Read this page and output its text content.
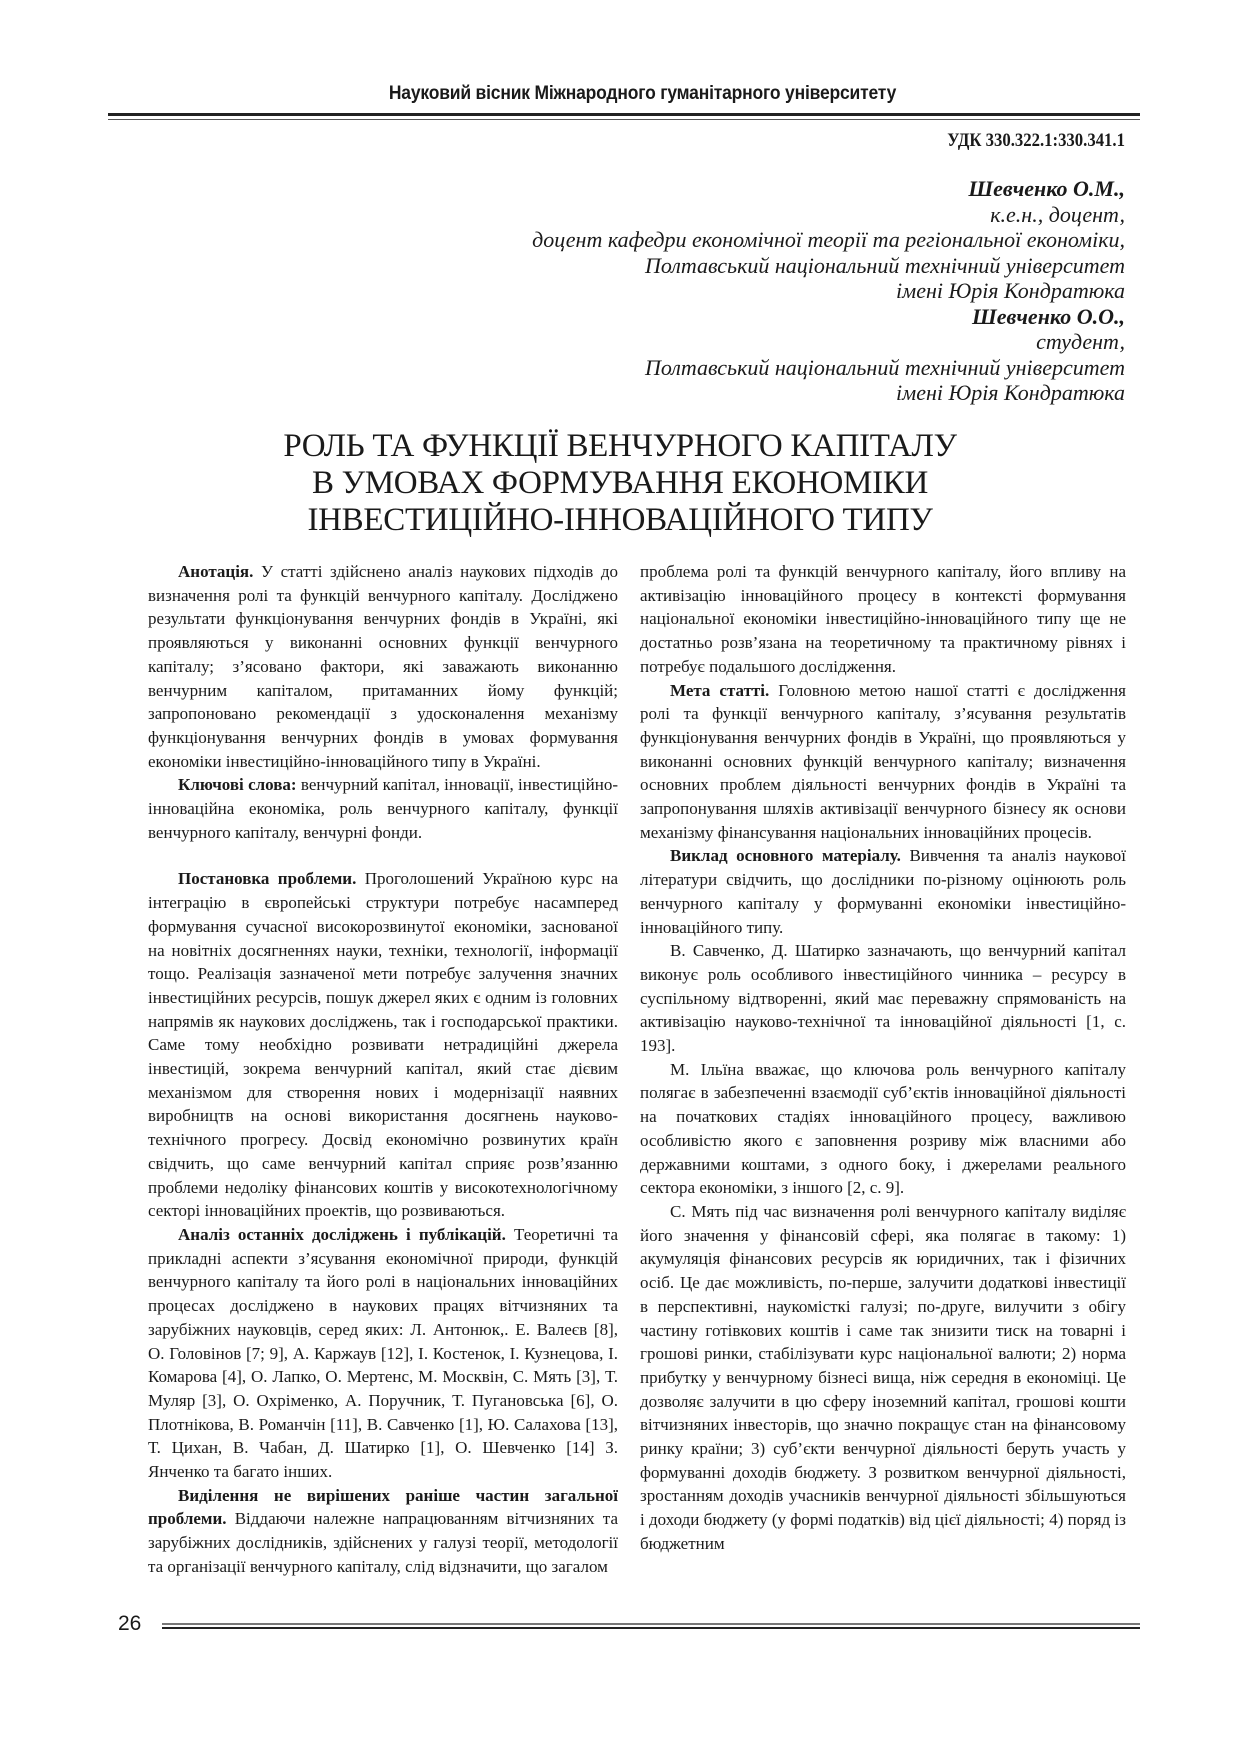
Науковий вісник Міжнародного гуманітарного університету
УДК 330.322.1:330.341.1
Шевченко О.М.,
к.е.н., доцент,
доцент кафедри економічної теорії та регіональної економіки,
Полтавський національний технічний університет
імені Юрія Кондратюка
Шевченко О.О.,
студент,
Полтавський національний технічний університет
імені Юрія Кондратюка
РОЛЬ ТА ФУНКЦІЇ ВЕНЧУРНОГО КАПІТАЛУ
В УМОВАХ ФОРМУВАННЯ ЕКОНОМІКИ
ІНВЕСТИЦІЙНО-ІННОВАЦІЙНОГО ТИПУ

Анотація. У статті здійснено аналіз наукових підходів до визначення ролі та функцій венчурного капіталу. Досліджено результати функціонування венчурних фондів в Україні, які проявляються у виконанні основних функції венчурного капіталу; з’ясовано фактори, які заважають виконанню венчурним капіталом, притаманних йому функцій; запропоновано рекомендації з удосконалення механізму функціонування венчурних фондів в умовах формування економіки інвестиційно-інноваційного типу в Україні.

Ключові слова: венчурний капітал, інновації, інвестиційно-інноваційна економіка, роль венчурного капіталу, функції венчурного капіталу, венчурні фонди.

Постановка проблеми. Проголошений Україною курс на інтеграцію в європейські структури потребує насамперед формування сучасної високорозвинутої економіки, заснованої на новітніх досягненнях науки, техніки, технології, інформації тощо. Реалізація зазначеної мети потребує залучення значних інвестиційних ресурсів, пошук джерел яких є одним із головних напрямів як наукових досліджень, так і господарської практики. Саме тому необхідно розвивати нетрадиційні джерела інвестицій, зокрема венчурний капітал, який стає дієвим механізмом для створення нових і модернізації наявних виробництв на основі використання досягнень науково-технічного прогресу. Досвід економічно розвинутих країн свідчить, що саме венчурний капітал сприяє розв’язанню проблеми недоліку фінансових коштів у високотехнологічному секторі інноваційних проектів, що розвиваються.

Аналіз останніх досліджень і публікацій. Теоретичні та прикладні аспекти з’ясування економічної природи, функцій венчурного капіталу та його ролі в національних інноваційних процесах досліджено в наукових працях вітчизняних та зарубіжних науковців, серед яких: Л. Антонюк,. Е. Валеєв [8], О. Головінов [7; 9], А. Каржаув [12], І. Костенок, І. Кузнецова, І. Комарова [4], О. Лапко, О. Мертенс, М. Москвін, С. Мять [3], Т. Муляр [3], О. Охріменко, А. Поручник, Т. Пугановська [6], О. Плотнікова, В. Романчін [11], В. Савченко [1], Ю. Салахова [13], Т. Цихан, В. Чабан, Д. Шатирко [1], О. Шевченко [14] З. Янченко та багато інших.

Виділення не вирішених раніше частин загальної проблеми. Віддаючи належне напрацюванням вітчизняних та зарубіжних дослідників, здійснених у галузі теорії, методології та організації венчурного капіталу, слід відзначити, що загалом

проблема ролі та функцій венчурного капіталу, його впливу на активізацію інноваційного процесу в контексті формування національної економіки інвестиційно-інноваційного типу ще не достатньо розв’язана на теоретичному та практичному рівнях і потребує подальшого дослідження.

Мета статті. Головною метою нашої статті є дослідження ролі та функції венчурного капіталу, з’ясування результатів функціонування венчурних фондів в Україні, що проявляються у виконанні основних функцій венчурного капіталу; визначення основних проблем діяльності венчурних фондів в Україні та запропонування шляхів активізації венчурного бізнесу як основи механізму фінансування національних інноваційних процесів.

Виклад основного матеріалу. Вивчення та аналіз наукової літератури свідчить, що дослідники по-різному оцінюють роль венчурного капіталу у формуванні економіки інвестиційно-інноваційного типу.

В. Савченко, Д. Шатирко зазначають, що венчурний капітал виконує роль особливого інвестиційного чинника – ресурсу в суспільному відтворенні, який має переважну спрямованість на активізацію науково-технічної та інноваційної діяльності [1, с. 193].

М. Ільїна вважає, що ключова роль венчурного капіталу полягає в забезпеченні взаємодії суб’єктів інноваційної діяльності на початкових стадіях інноваційного процесу, важливою особливістю якого є заповнення розриву між власними або державними коштами, з одного боку, і джерелами реального сектора економіки, з іншого [2, с. 9].

С. Мять під час визначення ролі венчурного капіталу виділяє його значення у фінансовій сфері, яка полягає в такому: 1) акумуляція фінансових ресурсів як юридичних, так і фізичних осіб. Це дає можливість, по-перше, залучити додаткові інвестиції в перспективні, наукомісткі галузі; по-друге, вилучити з обігу частину готівкових коштів і саме так знизити тиск на товарні і грошові ринки, стабілізувати курс національної валюти; 2) норма прибутку у венчурному бізнесі вища, ніж середня в економіці. Це дозволяє залучити в цю сферу іноземний капітал, грошові кошти вітчизняних інвесторів, що значно покращує стан на фінансовому ринку країни; 3) суб’єкти венчурної діяльності беруть участь у формуванні доходів бюджету. З розвитком венчурної діяльності, зростанням доходів учасників венчурної діяльності збільшуються і доходи бюджету (у формі податків) від цієї діяльності; 4) поряд із бюджетним

26
